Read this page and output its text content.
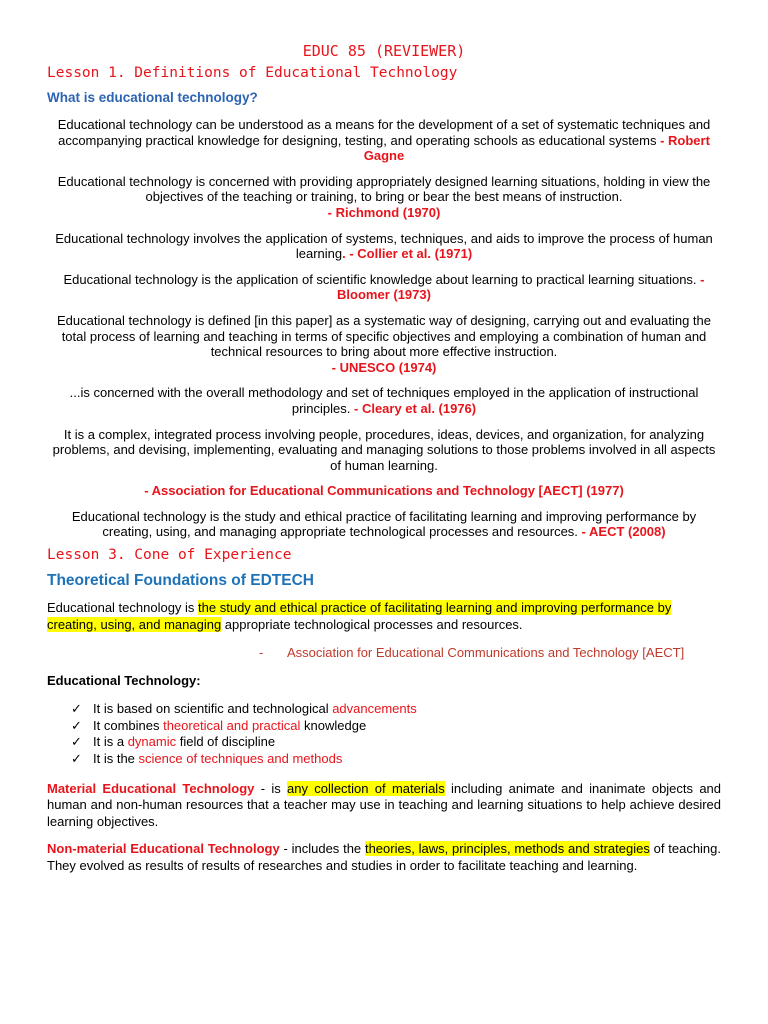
EDUC 85 (REVIEWER)
Lesson 1. Definitions of Educational Technology
What is educational technology?
Educational technology can be understood as a means for the development of a set of systematic techniques and accompanying practical knowledge for designing, testing, and operating schools as educational systems - Robert Gagne
Educational technology is concerned with providing appropriately designed learning situations, holding in view the objectives of the teaching or training, to bring or bear the best means of instruction.
- Richmond (1970)
Educational technology involves the application of systems, techniques, and aids to improve the process of human learning. - Collier et al. (1971)
Educational technology is the application of scientific knowledge about learning to practical learning situations. - Bloomer (1973)
Educational technology is defined [in this paper] as a systematic way of designing, carrying out and evaluating the total process of learning and teaching in terms of specific objectives and employing a combination of human and technical resources to bring about more effective instruction.
- UNESCO (1974)
...is concerned with the overall methodology and set of techniques employed in the application of instructional principles. - Cleary et al. (1976)
It is a complex, integrated process involving people, procedures, ideas, devices, and organization, for analyzing problems, and devising, implementing, evaluating and managing solutions to those problems involved in all aspects of human learning.
- Association for Educational Communications and Technology [AECT] (1977)
Educational technology is the study and ethical practice of facilitating learning and improving performance by creating, using, and managing appropriate technological processes and resources. - AECT (2008)
Lesson 3. Cone of Experience
Theoretical Foundations of EDTECH
Educational technology is the study and ethical practice of facilitating learning and improving performance by creating, using, and managing appropriate technological processes and resources.
- Association for Educational Communications and Technology [AECT]
Educational Technology:
✓ It is based on scientific and technological advancements
✓ It combines theoretical and practical knowledge
✓ It is a dynamic field of discipline
✓ It is the science of techniques and methods
Material Educational Technology - is any collection of materials including animate and inanimate objects and human and non-human resources that a teacher may use in teaching and learning situations to help achieve desired learning objectives.
Non-material Educational Technology - includes the theories, laws, principles, methods and strategies of teaching. They evolved as results of results of researches and studies in order to facilitate teaching and learning.
